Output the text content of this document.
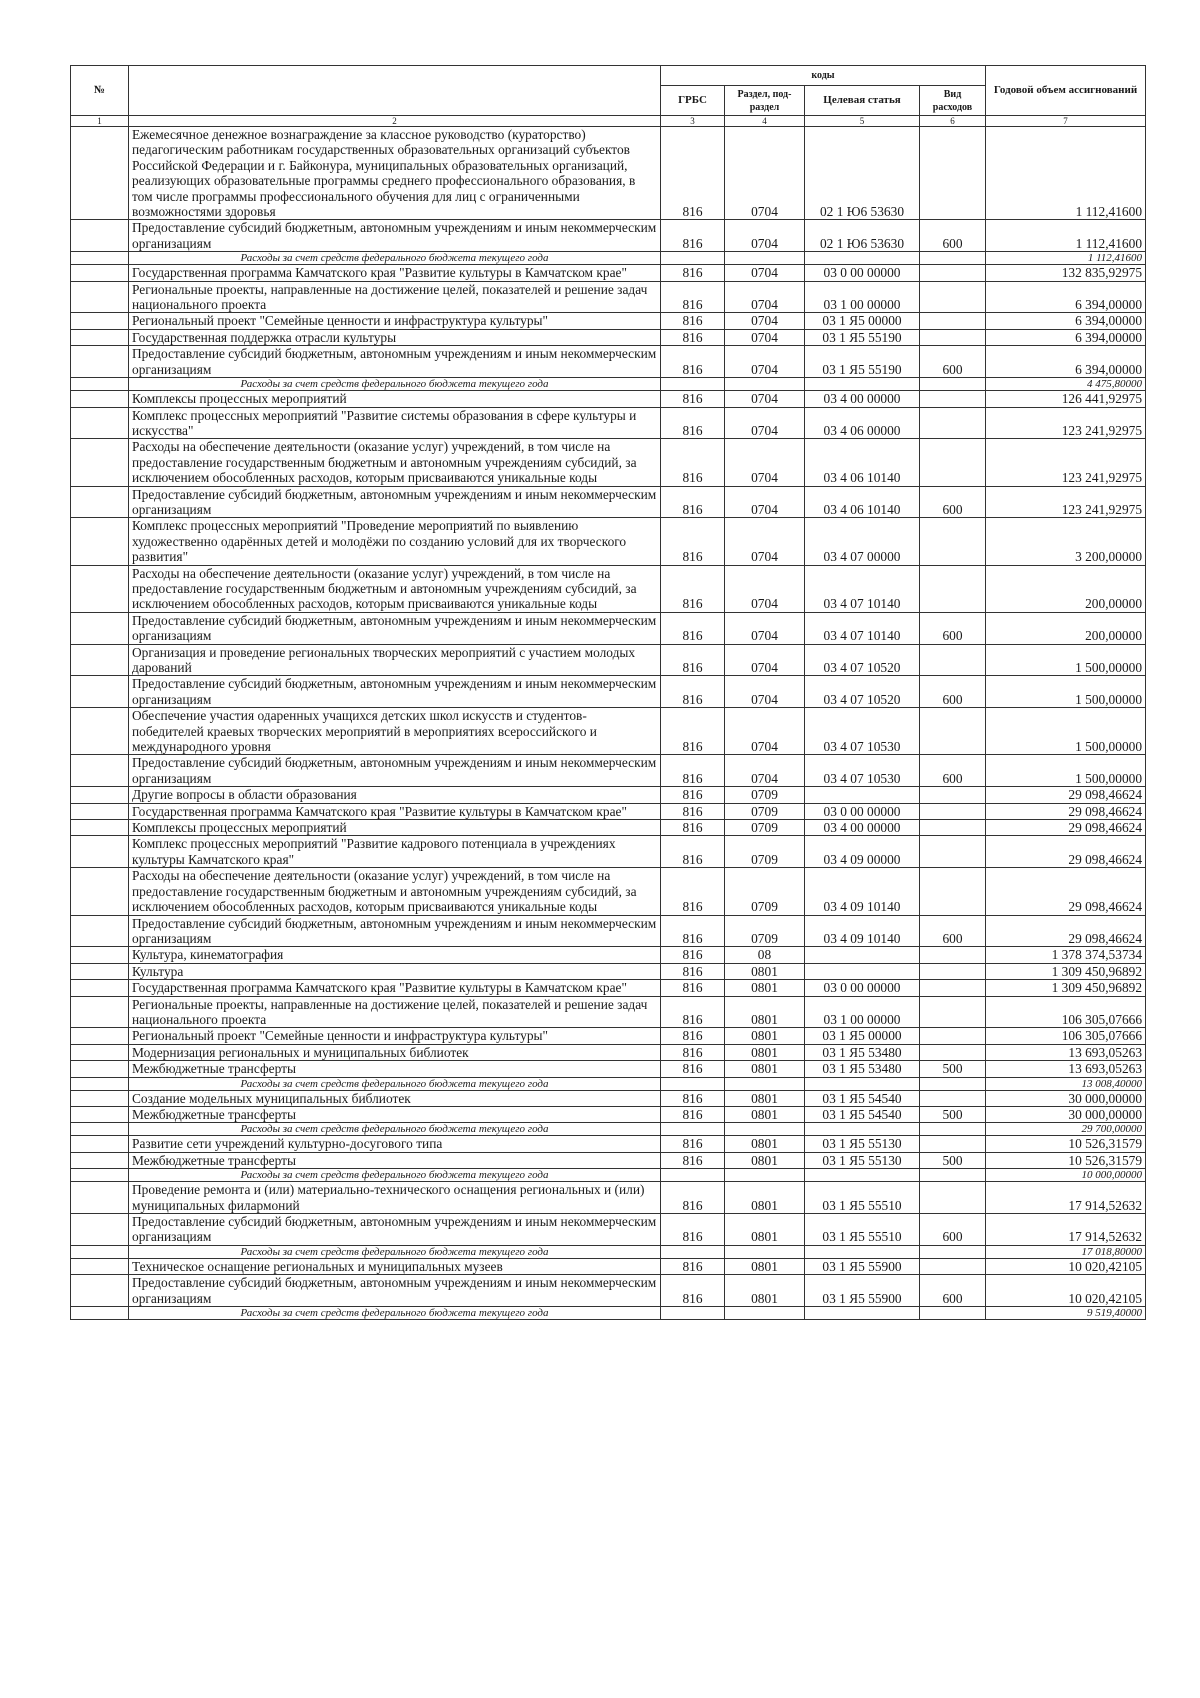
№		коды				Годовой объем ассигнований
		ГРБС	Раздел, под-раздел	Целевая статья	Вид расходов	
1	2	3	4	5	6	7
	Ежемесячное денежное вознаграждение за классное руководство (кураторство) педагогическим работникам государственных образовательных организаций субъектов Российской Федерации и г. Байконура, муниципальных образовательных организаций, реализующих образовательные программы среднего профессионального образования, в том числе программы профессионального обучения для лиц с ограниченными возможностями здоровья	816	0704	02 1 Ю6 53630		1 112,41600
	Предоставление субсидий бюджетным, автономным учреждениям и иным некоммерческим организациям	816	0704	02 1 Ю6 53630	600	1 112,41600
	Расходы за счет средств федерального бюджета текущего года					1 112,41600
	Государственная программа Камчатского края "Развитие культуры в Камчатском крае"	816	0704	03 0 00 00000		132 835,92975
	Региональные проекты, направленные на достижение целей, показателей и решение задач национального проекта	816	0704	03 1 00 00000		6 394,00000
	Региональный проект "Семейные ценности и инфраструктура культуры"	816	0704	03 1 Я5 00000		6 394,00000
	Государственная поддержка отрасли культуры	816	0704	03 1 Я5 55190		6 394,00000
	Предоставление субсидий бюджетным, автономным учреждениям и иным некоммерческим организациям	816	0704	03 1 Я5 55190	600	6 394,00000
	Расходы за счет средств федерального бюджета текущего года					4 475,80000
	Комплексы процессных мероприятий	816	0704	03 4 00 00000		126 441,92975
	Комплекс процессных мероприятий "Развитие системы образования в сфере культуры и искусства"	816	0704	03 4 06 00000		123 241,92975
	Расходы на обеспечение деятельности (оказание услуг) учреждений, в том числе на предоставление государственным бюджетным и автономным учреждениям субсидий, за исключением обособленных расходов, которым присваиваются уникальные коды	816	0704	03 4 06 10140		123 241,92975
	Предоставление субсидий бюджетным, автономным учреждениям и иным некоммерческим организациям	816	0704	03 4 06 10140	600	123 241,92975
	Комплекс процессных мероприятий "Проведение мероприятий по выявлению художественно одарённых детей и молодёжи по созданию условий для их творческого развития"	816	0704	03 4 07 00000		3 200,00000
	Расходы на обеспечение деятельности (оказание услуг) учреждений, в том числе на предоставление государственным бюджетным и автономным учреждениям субсидий, за исключением обособленных расходов, которым присваиваются уникальные коды	816	0704	03 4 07 10140		200,00000
	Предоставление субсидий бюджетным, автономным учреждениям и иным некоммерческим организациям	816	0704	03 4 07 10140	600	200,00000
	Организация и проведение региональных творческих мероприятий с участием молодых дарований	816	0704	03 4 07 10520		1 500,00000
	Предоставление субсидий бюджетным, автономным учреждениям и иным некоммерческим организациям	816	0704	03 4 07 10520	600	1 500,00000
	Обеспечение участия одаренных учащихся детских школ искусств и студентов-победителей краевых творческих мероприятий в мероприятиях всероссийского и международного уровня	816	0704	03 4 07 10530		1 500,00000
	Предоставление субсидий бюджетным, автономным учреждениям и иным некоммерческим организациям	816	0704	03 4 07 10530	600	1 500,00000
	Другие вопросы в области образования	816	0709			29 098,46624
	Государственная программа Камчатского края "Развитие культуры в Камчатском крае"	816	0709	03 0 00 00000		29 098,46624
	Комплексы процессных мероприятий	816	0709	03 4 00 00000		29 098,46624
	Комплекс процессных мероприятий "Развитие кадрового потенциала в учреждениях культуры Камчатского края"	816	0709	03 4 09 00000		29 098,46624
	Расходы на обеспечение деятельности (оказание услуг) учреждений, в том числе на предоставление государственным бюджетным и автономным учреждениям субсидий, за исключением обособленных расходов, которым присваиваются уникальные коды	816	0709	03 4 09 10140		29 098,46624
	Предоставление субсидий бюджетным, автономным учреждениям и иным некоммерческим организациям	816	0709	03 4 09 10140	600	29 098,46624
	Культура, кинематография	816	08			1 378 374,53734
	Культура	816	0801			1 309 450,96892
	Государственная программа Камчатского края "Развитие культуры в Камчатском крае"	816	0801	03 0 00 00000		1 309 450,96892
	Региональные проекты, направленные на достижение целей, показателей и решение задач национального проекта	816	0801	03 1 00 00000		106 305,07666
	Региональный проект "Семейные ценности и инфраструктура культуры"	816	0801	03 1 Я5 00000		106 305,07666
	Модернизация региональных и муниципальных библиотек	816	0801	03 1 Я5 53480		13 693,05263
	Межбюджетные трансферты	816	0801	03 1 Я5 53480	500	13 693,05263
	Расходы за счет средств федерального бюджета текущего года					13 008,40000
	Создание модельных муниципальных библиотек	816	0801	03 1 Я5 54540		30 000,00000
	Межбюджетные трансферты	816	0801	03 1 Я5 54540	500	30 000,00000
	Расходы за счет средств федерального бюджета текущего года					29 700,00000
	Развитие сети учреждений культурно-досугового типа	816	0801	03 1 Я5 55130		10 526,31579
	Межбюджетные трансферты	816	0801	03 1 Я5 55130	500	10 526,31579
	Расходы за счет средств федерального бюджета текущего года					10 000,00000
	Проведение ремонта и (или) материально-технического оснащения региональных и (или) муниципальных филармоний	816	0801	03 1 Я5 55510		17 914,52632
	Предоставление субсидий бюджетным, автономным учреждениям и иным некоммерческим организациям	816	0801	03 1 Я5 55510	600	17 914,52632
	Расходы за счет средств федерального бюджета текущего года					17 018,80000
	Техническое оснащение региональных и муниципальных музеев	816	0801	03 1 Я5 55900		10 020,42105
	Предоставление субсидий бюджетным, автономным учреждениям и иным некоммерческим организациям	816	0801	03 1 Я5 55900	600	10 020,42105
	Расходы за счет средств федерального бюджета текущего года					9 519,40000
